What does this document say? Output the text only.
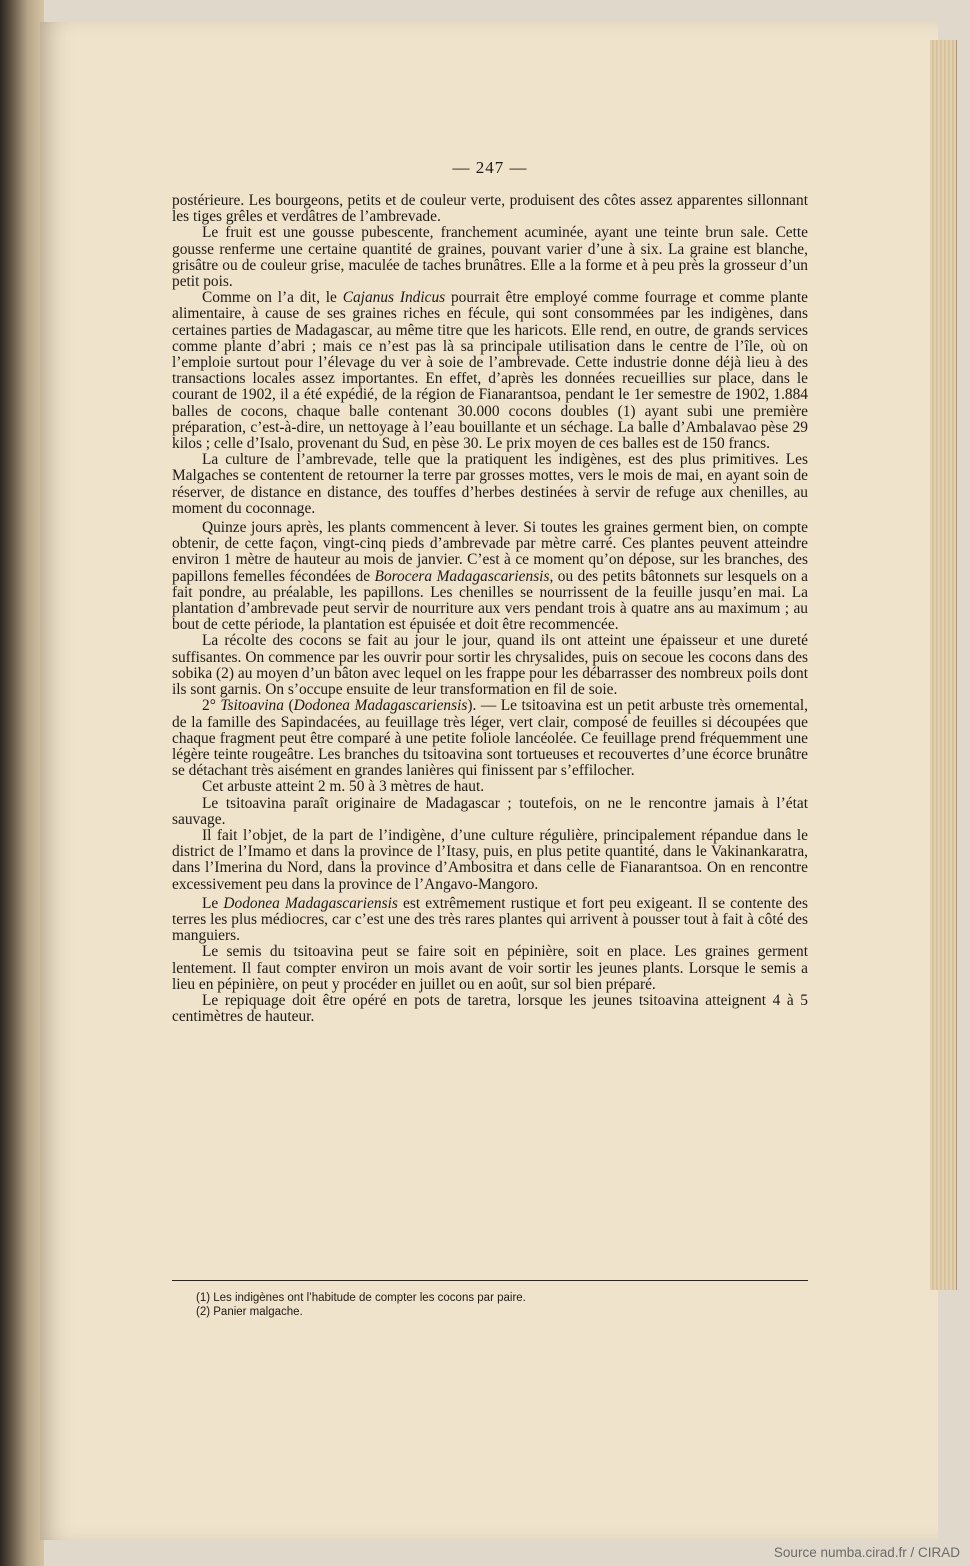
— 247 —

postérieure. Les bourgeons, petits et de couleur verte, produisent des côtes assez apparentes sillonnant les tiges grêles et verdâtres de l’ambrevade.

Le fruit est une gousse pubescente, franchement acuminée, ayant une teinte brun sale. Cette gousse renferme une certaine quantité de graines, pouvant varier d’une à six. La graine est blanche, grisâtre ou de couleur grise, maculée de taches brunâtres. Elle a la forme et à peu près la grosseur d’un petit pois.

Comme on l’a dit, le Cajanus Indicus pourrait être employé comme fourrage et comme plante alimentaire, à cause de ses graines riches en fécule, qui sont consommées par les indigènes, dans certaines parties de Madagascar, au même titre que les haricots. Elle rend, en outre, de grands services comme plante d’abri ; mais ce n’est pas là sa principale utilisation dans le centre de l’île, où on l’emploie surtout pour l’élevage du ver à soie de l’ambrevade. Cette industrie donne déjà lieu à des transactions locales assez importantes. En effet, d’après les données recueillies sur place, dans le courant de 1902, il a été expédié, de la région de Fianarantsoa, pendant le 1er semestre de 1902, 1.884 balles de cocons, chaque balle contenant 30.000 cocons doubles (1) ayant subi une première préparation, c’est-à-dire, un nettoyage à l’eau bouillante et un séchage. La balle d’Ambalavao pèse 29 kilos ; celle d’Isalo, provenant du Sud, en pèse 30. Le prix moyen de ces balles est de 150 francs.

La culture de l’ambrevade, telle que la pratiquent les indigènes, est des plus primitives. Les Malgaches se contentent de retourner la terre par grosses mottes, vers le mois de mai, en ayant soin de réserver, de distance en distance, des touffes d’herbes destinées à servir de refuge aux chenilles, au moment du coconnage.

Quinze jours après, les plants commencent à lever. Si toutes les graines germent bien, on compte obtenir, de cette façon, vingt-cinq pieds d’ambrevade par mètre carré. Ces plantes peuvent atteindre environ 1 mètre de hauteur au mois de janvier. C’est à ce moment qu’on dépose, sur les branches, des papillons femelles fécondées de Borocera Madagascariensis, ou des petits bâtonnets sur lesquels on a fait pondre, au préalable, les papillons. Les chenilles se nourrissent de la feuille jusqu’en mai. La plantation d’ambrevade peut servir de nourriture aux vers pendant trois à quatre ans au maximum ; au bout de cette période, la plantation est épuisée et doit être recommencée.

La récolte des cocons se fait au jour le jour, quand ils ont atteint une épaisseur et une dureté suffisantes. On commence par les ouvrir pour sortir les chrysalides, puis on secoue les cocons dans des sobika (2) au moyen d’un bâton avec lequel on les frappe pour les débarrasser des nombreux poils dont ils sont garnis. On s’occupe ensuite de leur transformation en fil de soie.

2° Tsitoavina (Dodonea Madagascariensis). — Le tsitoavina est un petit arbuste très ornemental, de la famille des Sapindacées, au feuillage très léger, vert clair, composé de feuilles si découpées que chaque fragment peut être comparé à une petite foliole lancéolée. Ce feuillage prend fréquemment une légère teinte rougeâtre. Les branches du tsitoavina sont tortueuses et recouvertes d’une écorce brunâtre se détachant très aisément en grandes lanières qui finissent par s’effilocher.

Cet arbuste atteint 2 m. 50 à 3 mètres de haut.

Le tsitoavina paraît originaire de Madagascar ; toutefois, on ne le rencontre jamais à l’état sauvage.

Il fait l’objet, de la part de l’indigène, d’une culture régulière, principalement répandue dans le district de l’Imamo et dans la province de l’Itasy, puis, en plus petite quantité, dans le Vakinankaratra, dans l’Imerina du Nord, dans la province d’Ambositra et dans celle de Fianarantsoa. On en rencontre excessivement peu dans la province de l’Angavo-Mangoro.

Le Dodonea Madagascariensis est extrêmement rustique et fort peu exigeant. Il se contente des terres les plus médiocres, car c’est une des très rares plantes qui arrivent à pousser tout à fait à côté des manguiers.

Le semis du tsitoavina peut se faire soit en pépinière, soit en place. Les graines germent lentement. Il faut compter environ un mois avant de voir sortir les jeunes plants. Lorsque le semis a lieu en pépinière, on peut y procéder en juillet ou en août, sur sol bien préparé.

Le repiquage doit être opéré en pots de taretra, lorsque les jeunes tsitoavina atteignent 4 à 5 centimètres de hauteur.

(1) Les indigènes ont l’habitude de compter les cocons par paire.
(2) Panier malgache.
Source numba.cirad.fr / CIRAD
